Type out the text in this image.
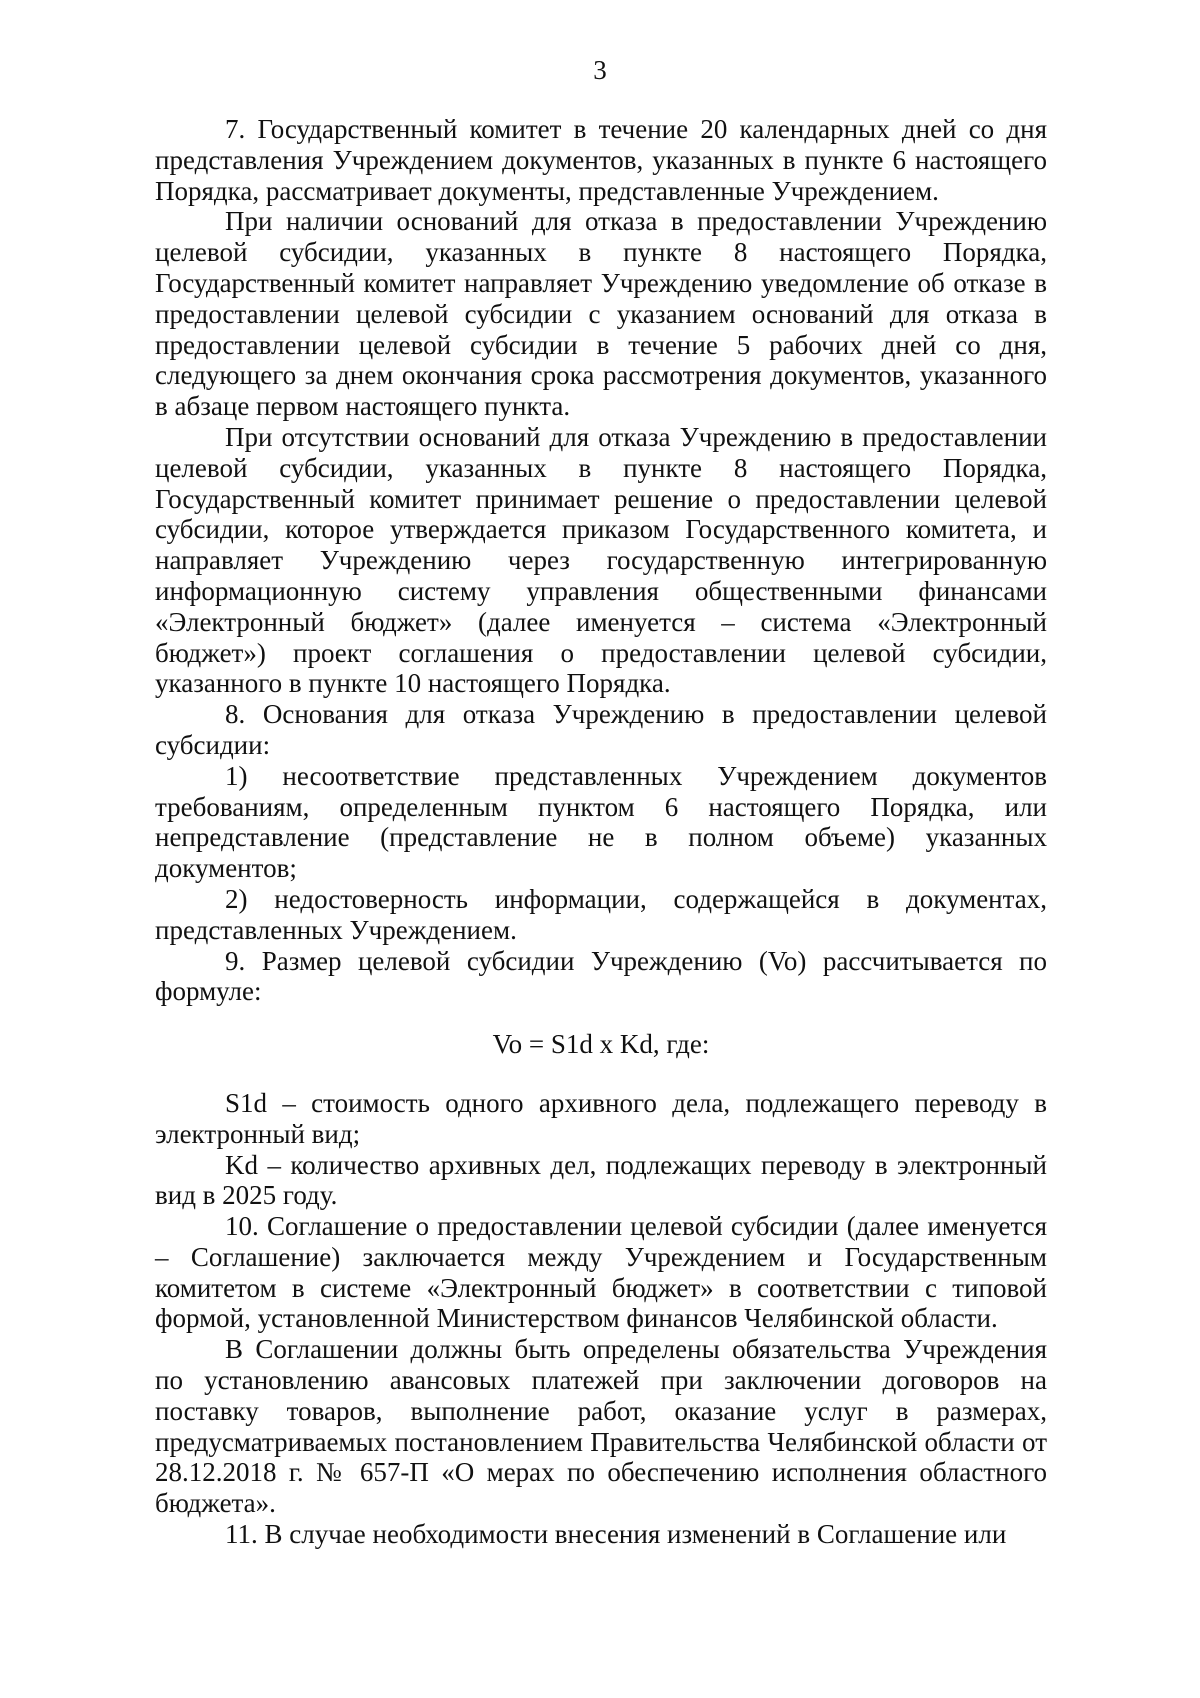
3

7. Государственный комитет в течение 20 календарных дней со дня представления Учреждением документов, указанных в пункте 6 настоящего Порядка, рассматривает документы, представленные Учреждением.

При наличии оснований для отказа в предоставлении Учреждению целевой субсидии, указанных в пункте 8 настоящего Порядка, Государственный комитет направляет Учреждению уведомление об отказе в предоставлении целевой субсидии с указанием оснований для отказа в предоставлении целевой субсидии в течение 5 рабочих дней со дня, следующего за днем окончания срока рассмотрения документов, указанного в абзаце первом настоящего пункта.

При отсутствии оснований для отказа Учреждению в предоставлении целевой субсидии, указанных в пункте 8 настоящего Порядка, Государственный комитет принимает решение о предоставлении целевой субсидии, которое утверждается приказом Государственного комитета, и направляет Учреждению через государственную интегрированную информационную систему управления общественными финансами «Электронный бюджет» (далее именуется – система «Электронный бюджет») проект соглашения о предоставлении целевой субсидии, указанного в пункте 10 настоящего Порядка.

8. Основания для отказа Учреждению в предоставлении целевой субсидии:

1) несоответствие представленных Учреждением документов требованиям, определенным пунктом 6 настоящего Порядка, или непредставление (представление не в полном объеме) указанных документов;

2) недостоверность информации, содержащейся в документах, представленных Учреждением.

9. Размер целевой субсидии Учреждению (Vo) рассчитывается по формуле:

Vo = S1d x Kd, где:

S1d – стоимость одного архивного дела, подлежащего переводу в электронный вид;

Kd – количество архивных дел, подлежащих переводу в электронный вид в 2025 году.

10. Соглашение о предоставлении целевой субсидии (далее именуется – Соглашение) заключается между Учреждением и Государственным комитетом в системе «Электронный бюджет» в соответствии с типовой формой, установленной Министерством финансов Челябинской области.

В Соглашении должны быть определены обязательства Учреждения по установлению авансовых платежей при заключении договоров на поставку товаров, выполнение работ, оказание услуг в размерах, предусматриваемых постановлением Правительства Челябинской области от 28.12.2018 г. № 657-П «О мерах по обеспечению исполнения областного бюджета».

11. В случае необходимости внесения изменений в Соглашение или
